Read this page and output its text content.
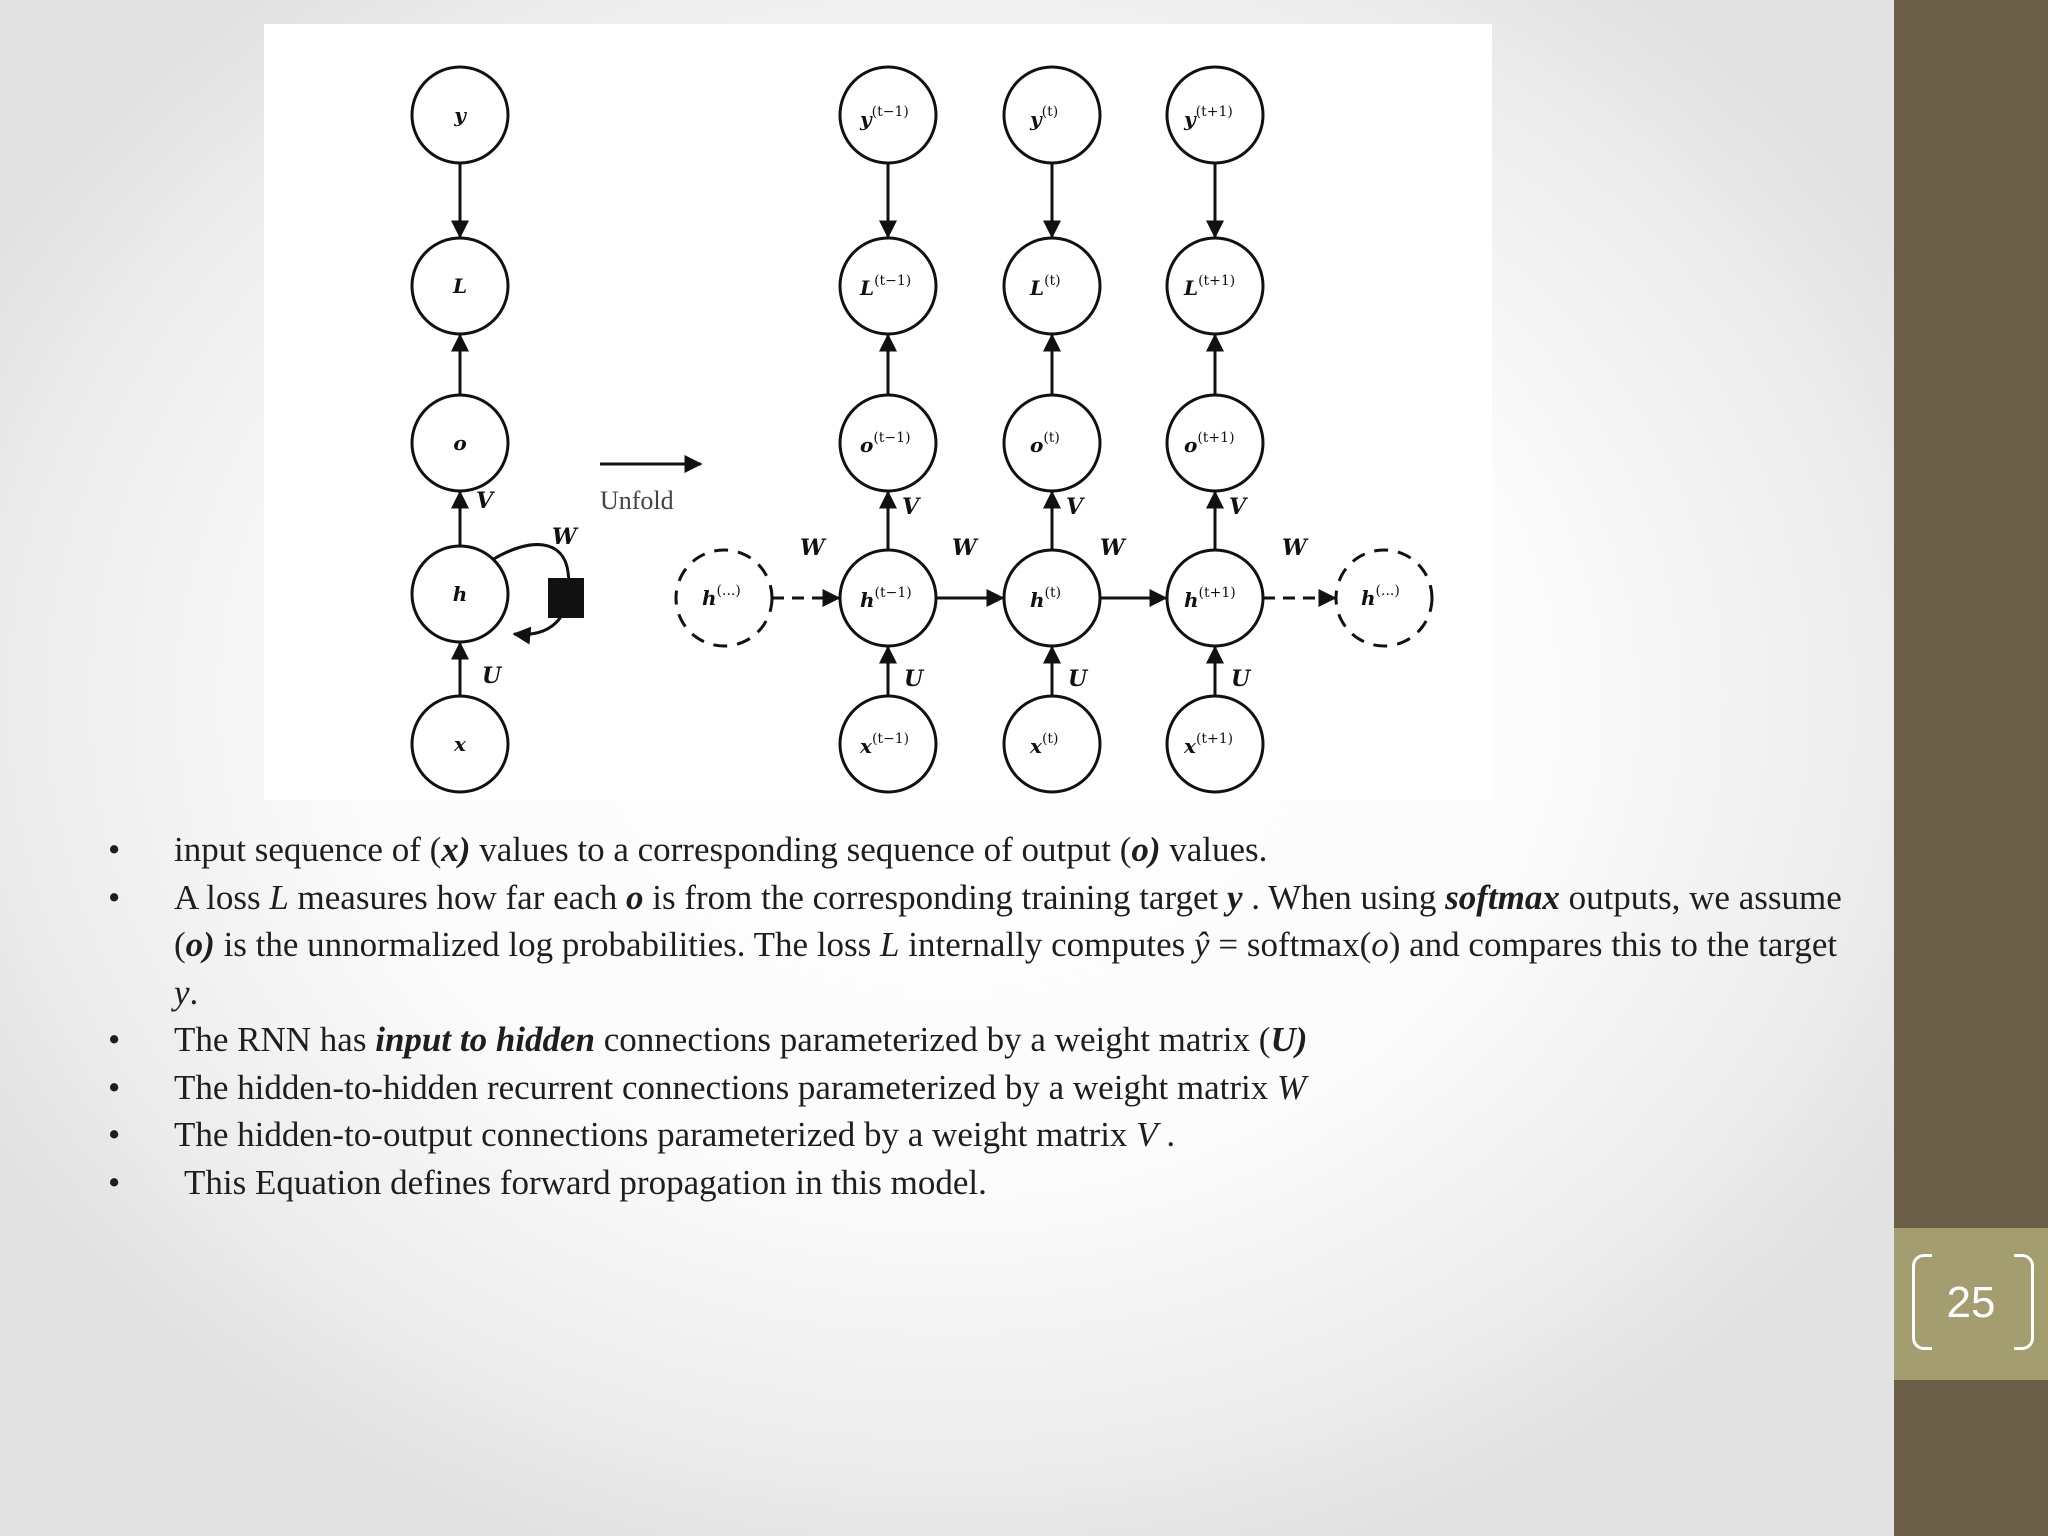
25
y
L
o
h
x
V
U
W
Unfold
h(...)	h(...)
y(t−1)
L(t−1)
o(t−1)
h(t−1)
x(t−1)
V
U
y(t)
L(t)
o(t)
h(t)
x(t)
V
U
y(t+1)
L(t+1)
o(t+1)
h(t+1)
x(t+1)
V
U
W	W	W	W
• input sequence of (x) values to a corresponding sequence of output (o) values.
• A loss L measures how far each o is from the corresponding training target y . When using softmax outputs, we assume (o) is the unnormalized log probabilities. The loss L internally computes ŷ = softmax(o) and compares this to the target y.
• The RNN has input to hidden connections parameterized by a weight matrix (U)
• The hidden-to-hidden recurrent connections parameterized by a weight matrix W
• The hidden-to-output connections parameterized by a weight matrix V .
• This Equation defines forward propagation in this model.
